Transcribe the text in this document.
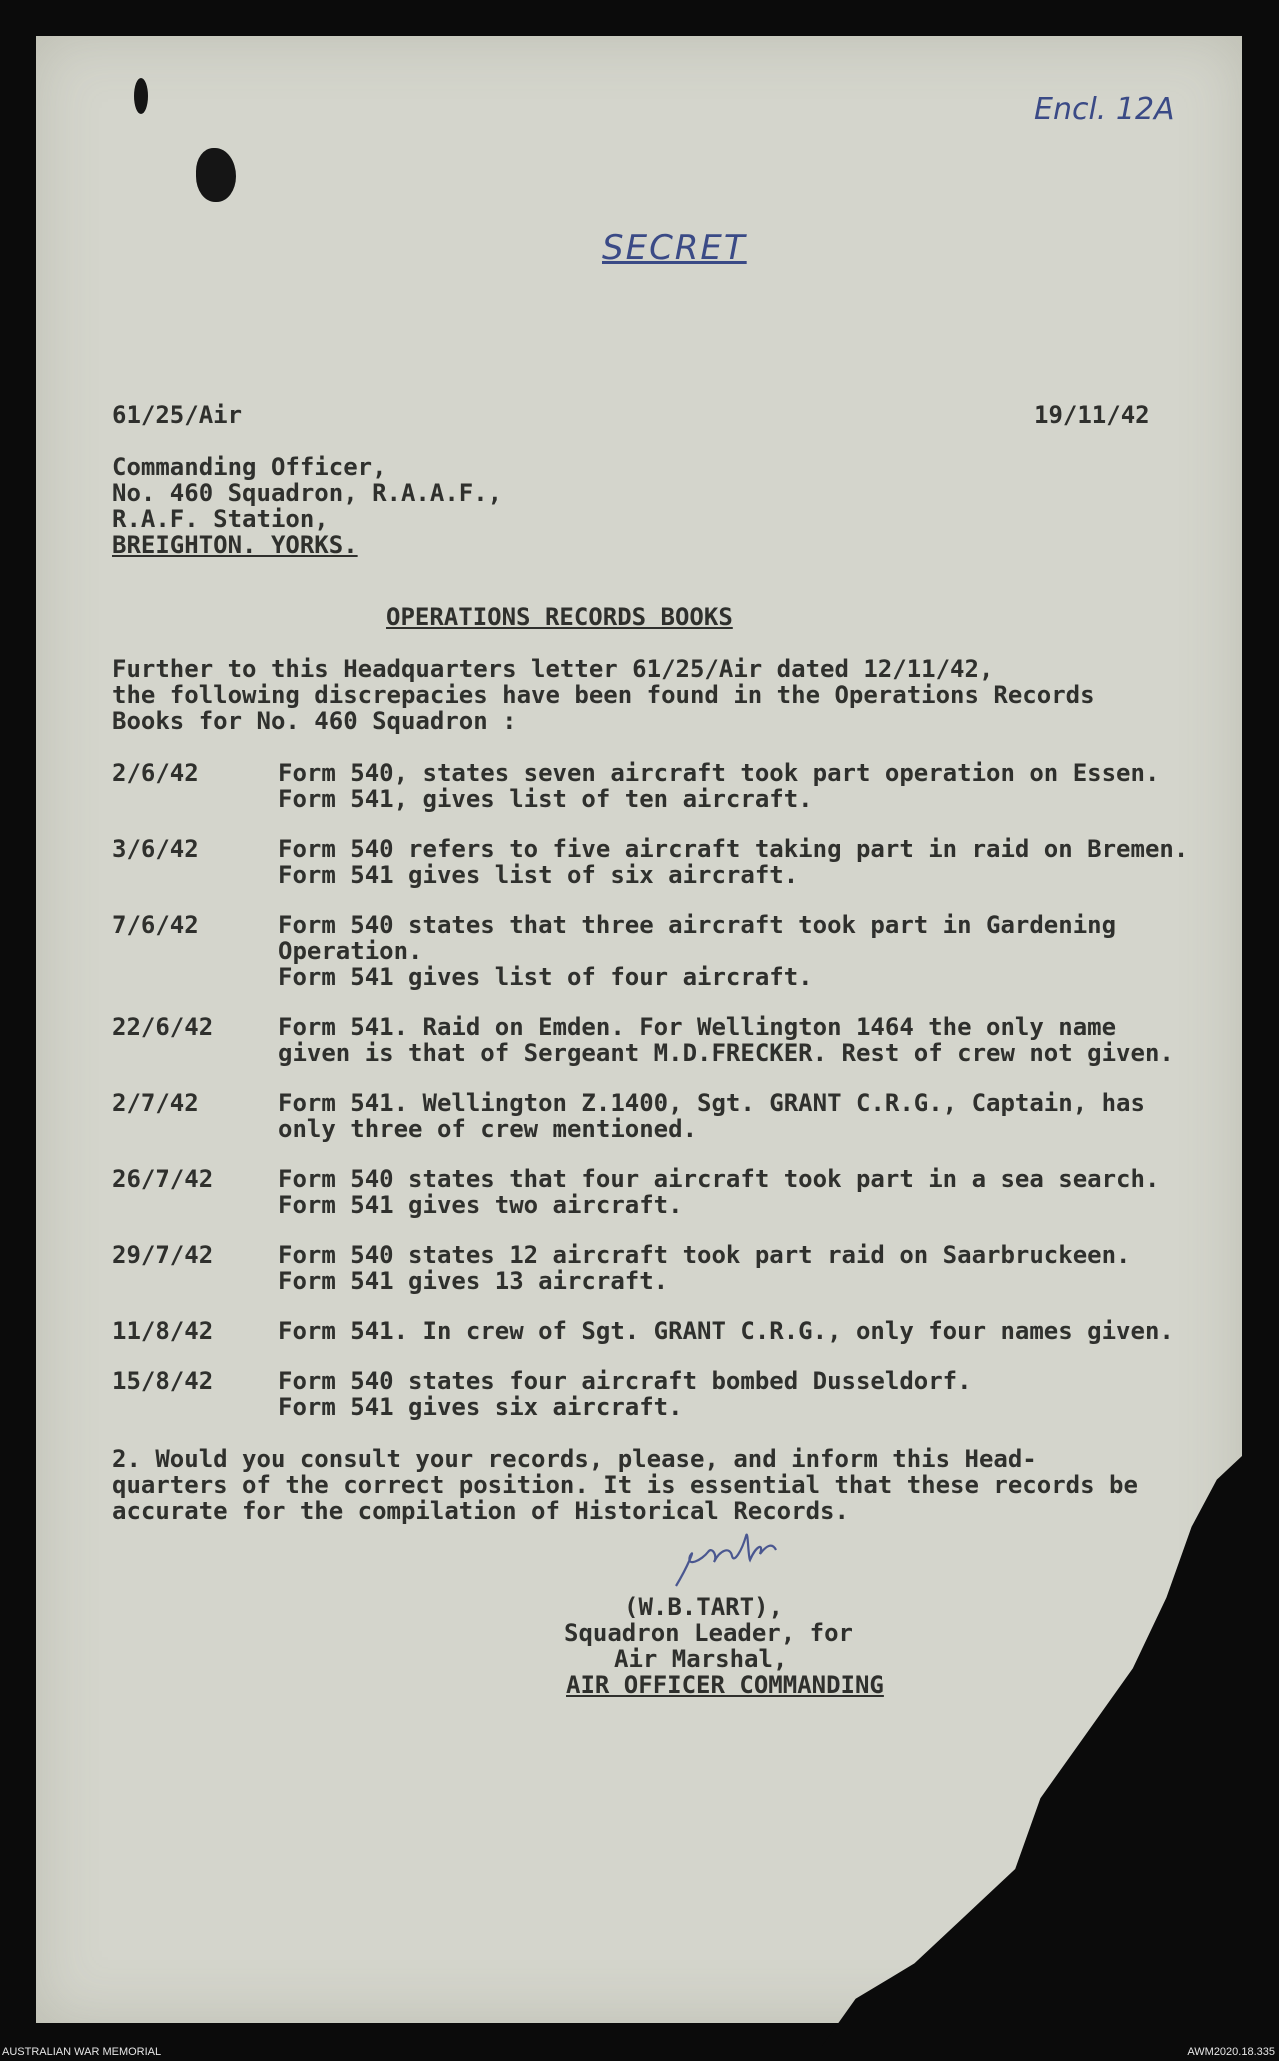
Encl. 12A
SECRET
61/25/Air	19/11/42
Commanding Officer,
No. 460 Squadron, R.A.A.F.,
R.A.F. Station,
BREIGHTON. YORKS.
OPERATIONS RECORDS BOOKS
Further to this Headquarters letter 61/25/Air dated 12/11/42,
the following discrepacies have been found in the Operations Records
Books for No. 460 Squadron :
2/6/42	Form 540, states seven aircraft took part operation on Essen.
Form 541, gives list of ten aircraft.
3/6/42	Form 540 refers to five aircraft taking part in raid on Bremen.
Form 541 gives list of six aircraft.
7/6/42	Form 540 states that three aircraft took part in Gardening
Operation.
Form 541 gives list of four aircraft.
22/6/42	Form 541. Raid on Emden. For Wellington 1464 the only name
given is that of Sergeant M.D.FRECKER. Rest of crew not given.
2/7/42	Form 541. Wellington Z.1400, Sgt. GRANT C.R.G., Captain, has
only three of crew mentioned.
26/7/42	Form 540 states that four aircraft took part in a sea search.
Form 541 gives two aircraft.
29/7/42	Form 540 states 12 aircraft took part raid on Saarbruckeen.
Form 541 gives 13 aircraft.
11/8/42	Form 541. In crew of Sgt. GRANT C.R.G., only four names given.
15/8/42	Form 540 states four aircraft bombed Dusseldorf.
Form 541 gives six aircraft.
2. Would you consult your records, please, and inform this Head-
quarters of the correct position. It is essential that these records be
accurate for the compilation of Historical Records.
(W.B.TART),
Squadron Leader, for
Air Marshal,
AIR OFFICER COMMANDING
AUSTRALIAN WAR MEMORIAL	AWM2020.18.335
